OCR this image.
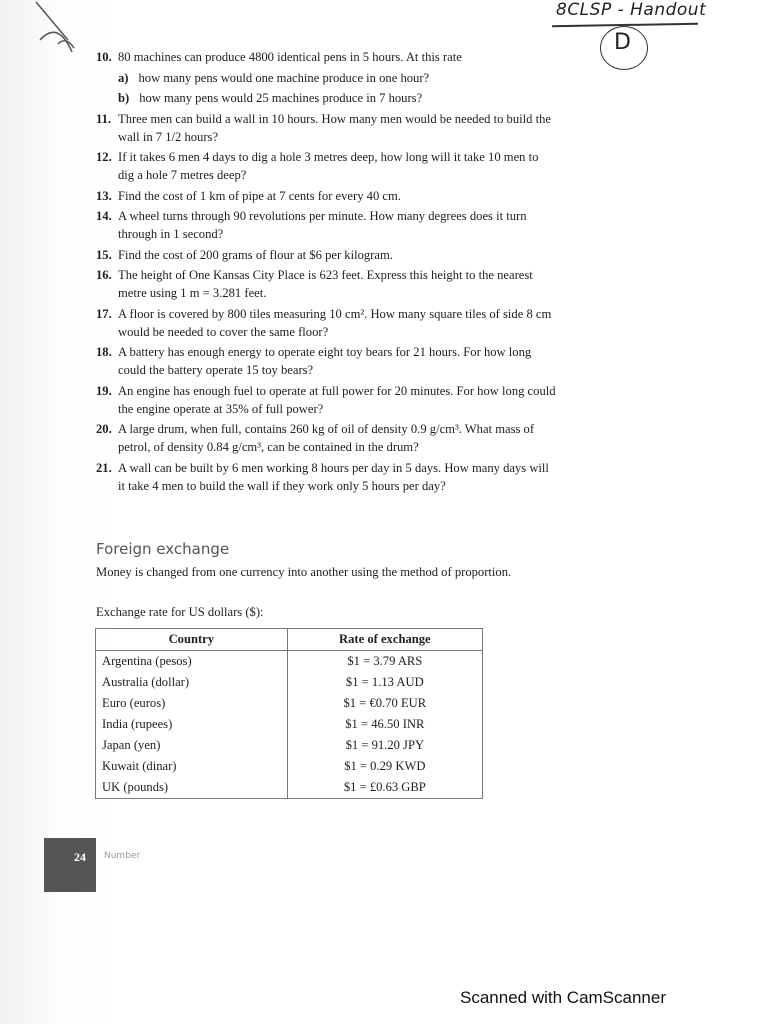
8CLSP - Handout
D
10. 80 machines can produce 4800 identical pens in 5 hours. At this rate
a) how many pens would one machine produce in one hour?
b) how many pens would 25 machines produce in 7 hours?
11. Three men can build a wall in 10 hours. How many men would be needed to build the wall in 7 1/2 hours?
12. If it takes 6 men 4 days to dig a hole 3 metres deep, how long will it take 10 men to dig a hole 7 metres deep?
13. Find the cost of 1 km of pipe at 7 cents for every 40 cm.
14. A wheel turns through 90 revolutions per minute. How many degrees does it turn through in 1 second?
15. Find the cost of 200 grams of flour at $6 per kilogram.
16. The height of One Kansas City Place is 623 feet. Express this height to the nearest metre using 1 m = 3.281 feet.
17. A floor is covered by 800 tiles measuring 10 cm². How many square tiles of side 8 cm would be needed to cover the same floor?
18. A battery has enough energy to operate eight toy bears for 21 hours. For how long could the battery operate 15 toy bears?
19. An engine has enough fuel to operate at full power for 20 minutes. For how long could the engine operate at 35% of full power?
20. A large drum, when full, contains 260 kg of oil of density 0.9 g/cm³. What mass of petrol, of density 0.84 g/cm³, can be contained in the drum?
21. A wall can be built by 6 men working 8 hours per day in 5 days. How many days will it take 4 men to build the wall if they work only 5 hours per day?
Foreign exchange
Money is changed from one currency into another using the method of proportion.
Exchange rate for US dollars ($):
Country	Rate of exchange
Argentina (pesos)	$1 = 3.79 ARS
Australia (dollar)	$1 = 1.13 AUD
Euro (euros)	$1 = €0.70 EUR
India (rupees)	$1 = 46.50 INR
Japan (yen)	$1 = 91.20 JPY
Kuwait (dinar)	$1 = 0.29 KWD
UK (pounds)	$1 = £0.63 GBP
24 Number
Scanned with CamScanner
